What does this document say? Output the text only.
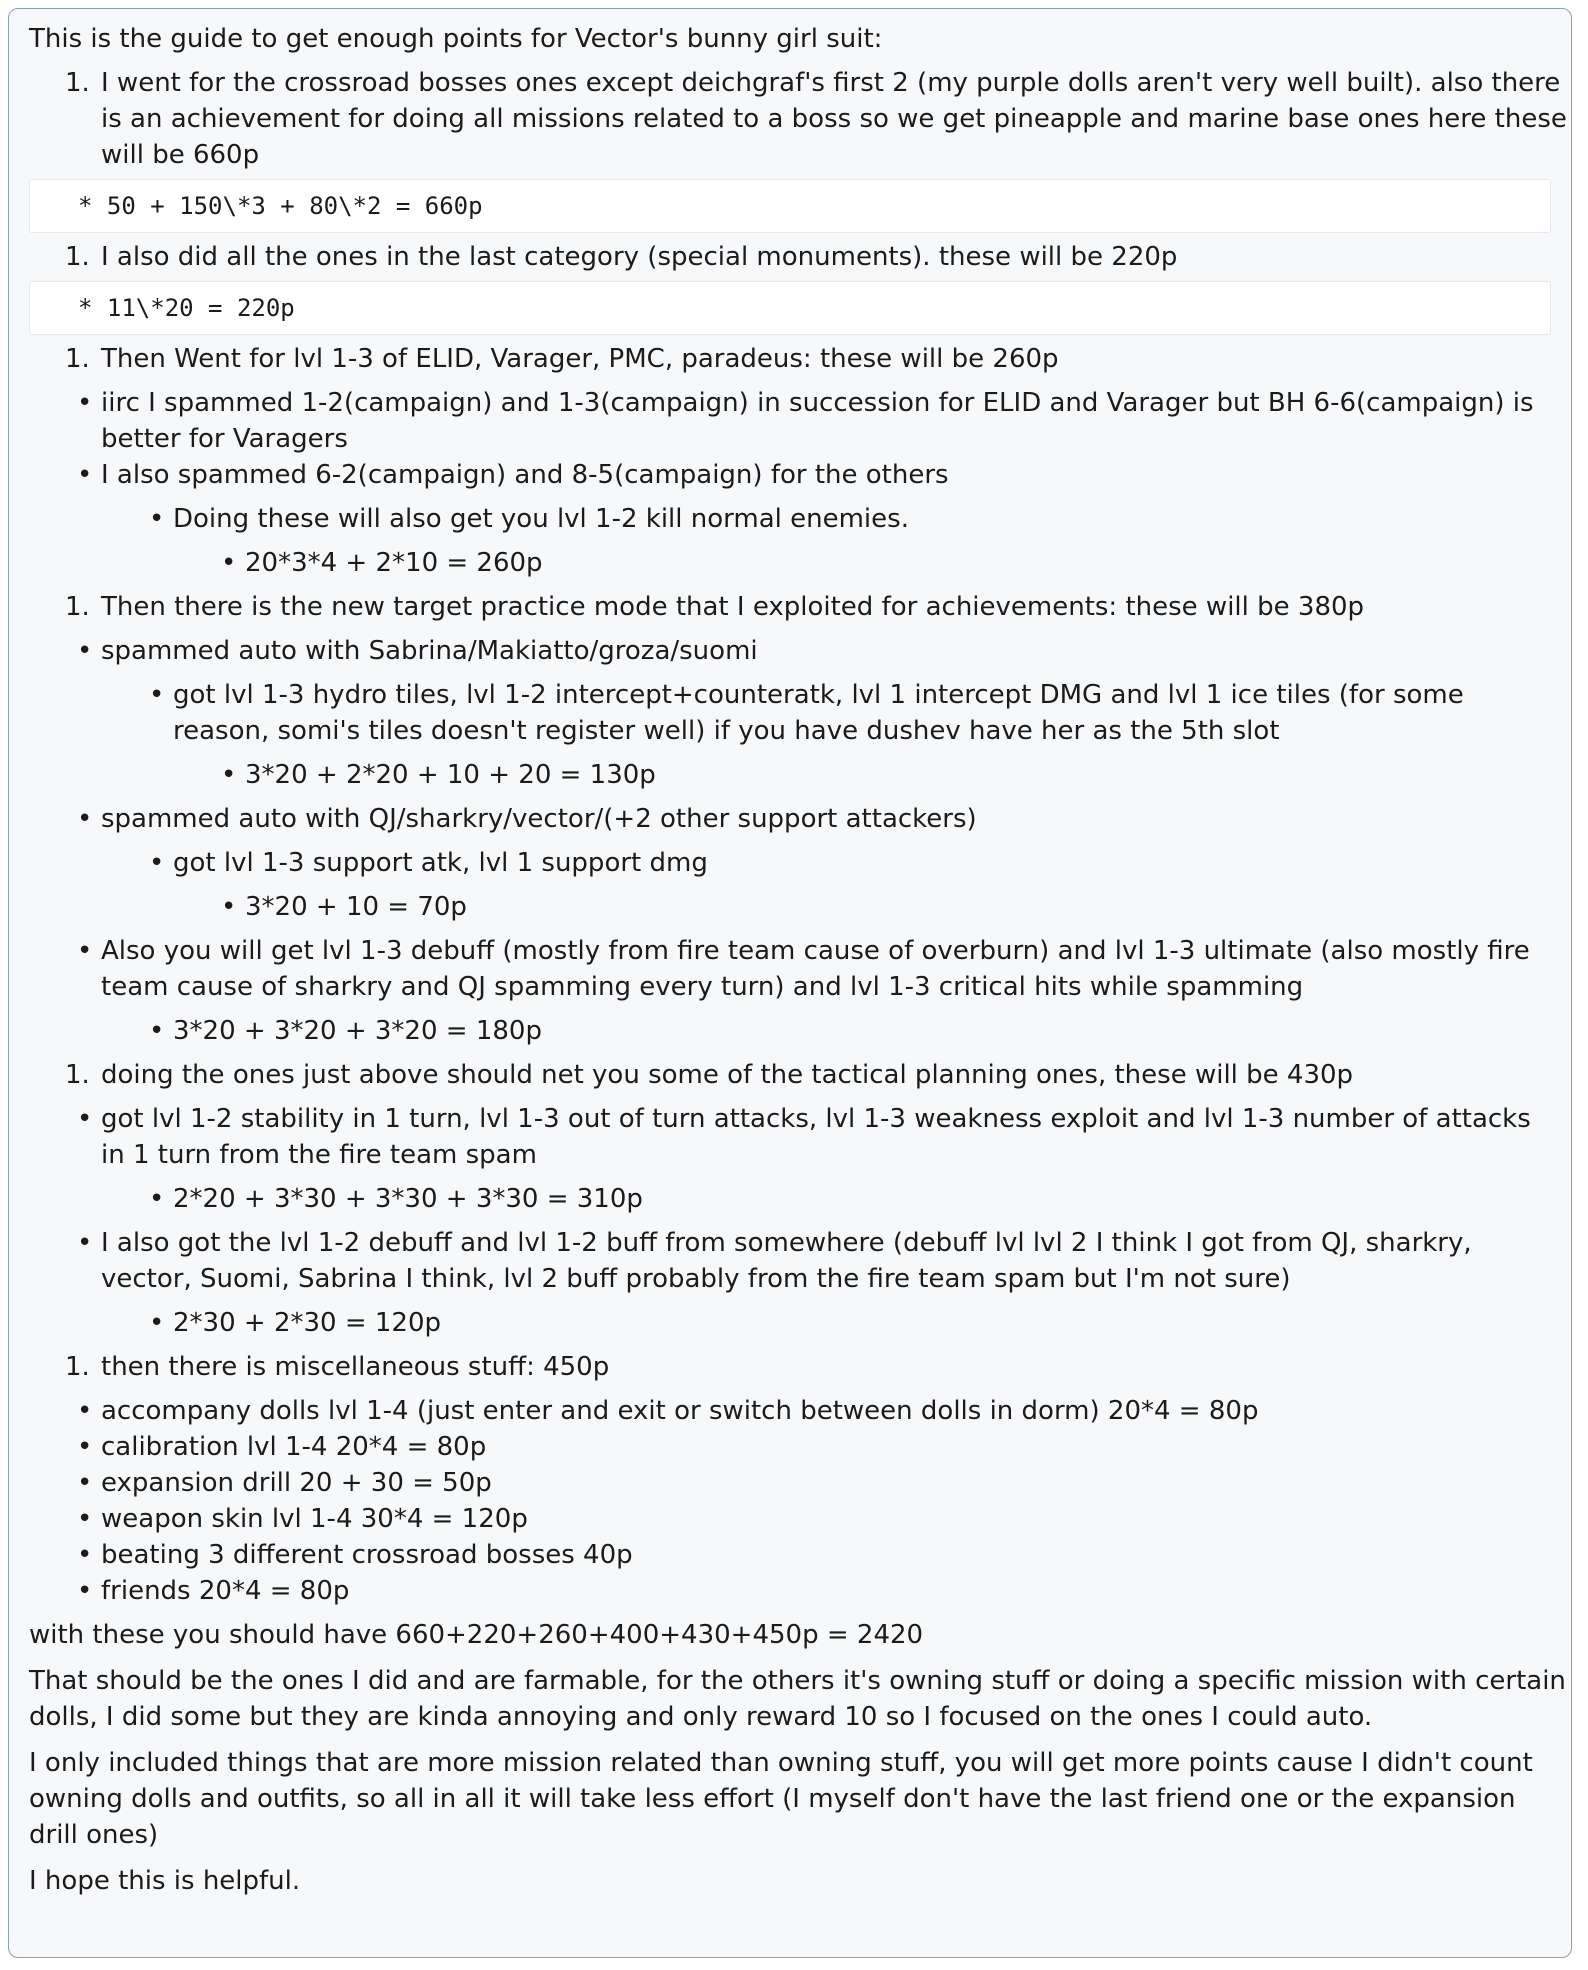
This is the guide to get enough points for Vector's bunny girl suit:
1. I went for the crossroad bosses ones except deichgraf's first 2 (my purple dolls aren't very well built). also there
is an achievement for doing all missions related to a boss so we get pineapple and marine base ones here these
will be 660p
* 50 + 150\*3 + 80\*2 = 660p
1. I also did all the ones in the last category (special monuments). these will be 220p
* 11\*20 = 220p
1. Then Went for lvl 1-3 of ELID, Varager, PMC, paradeus: these will be 260p
• iirc I spammed 1-2(campaign) and 1-3(campaign) in succession for ELID and Varager but BH 6-6(campaign) is
better for Varagers
• I also spammed 6-2(campaign) and 8-5(campaign) for the others
• Doing these will also get you lvl 1-2 kill normal enemies.
• 20*3*4 + 2*10 = 260p
1. Then there is the new target practice mode that I exploited for achievements: these will be 380p
• spammed auto with Sabrina/Makiatto/groza/suomi
• got lvl 1-3 hydro tiles, lvl 1-2 intercept+counteratk, lvl 1 intercept DMG and lvl 1 ice tiles (for some
reason, somi's tiles doesn't register well) if you have dushev have her as the 5th slot
• 3*20 + 2*20 + 10 + 20 = 130p
• spammed auto with QJ/sharkry/vector/(+2 other support attackers)
• got lvl 1-3 support atk, lvl 1 support dmg
• 3*20 + 10 = 70p
• Also you will get lvl 1-3 debuff (mostly from fire team cause of overburn) and lvl 1-3 ultimate (also mostly fire
team cause of sharkry and QJ spamming every turn) and lvl 1-3 critical hits while spamming
• 3*20 + 3*20 + 3*20 = 180p
1. doing the ones just above should net you some of the tactical planning ones, these will be 430p
• got lvl 1-2 stability in 1 turn, lvl 1-3 out of turn attacks, lvl 1-3 weakness exploit and lvl 1-3 number of attacks
in 1 turn from the fire team spam
• 2*20 + 3*30 + 3*30 + 3*30 = 310p
• I also got the lvl 1-2 debuff and lvl 1-2 buff from somewhere (debuff lvl lvl 2 I think I got from QJ, sharkry,
vector, Suomi, Sabrina I think, lvl 2 buff probably from the fire team spam but I'm not sure)
• 2*30 + 2*30 = 120p
1. then there is miscellaneous stuff: 450p
• accompany dolls lvl 1-4 (just enter and exit or switch between dolls in dorm) 20*4 = 80p
• calibration lvl 1-4 20*4 = 80p
• expansion drill 20 + 30 = 50p
• weapon skin lvl 1-4 30*4 = 120p
• beating 3 different crossroad bosses 40p
• friends 20*4 = 80p
with these you should have 660+220+260+400+430+450p = 2420
That should be the ones I did and are farmable, for the others it's owning stuff or doing a specific mission with certain
dolls, I did some but they are kinda annoying and only reward 10 so I focused on the ones I could auto.
I only included things that are more mission related than owning stuff, you will get more points cause I didn't count
owning dolls and outfits, so all in all it will take less effort (I myself don't have the last friend one or the expansion
drill ones)
I hope this is helpful.
